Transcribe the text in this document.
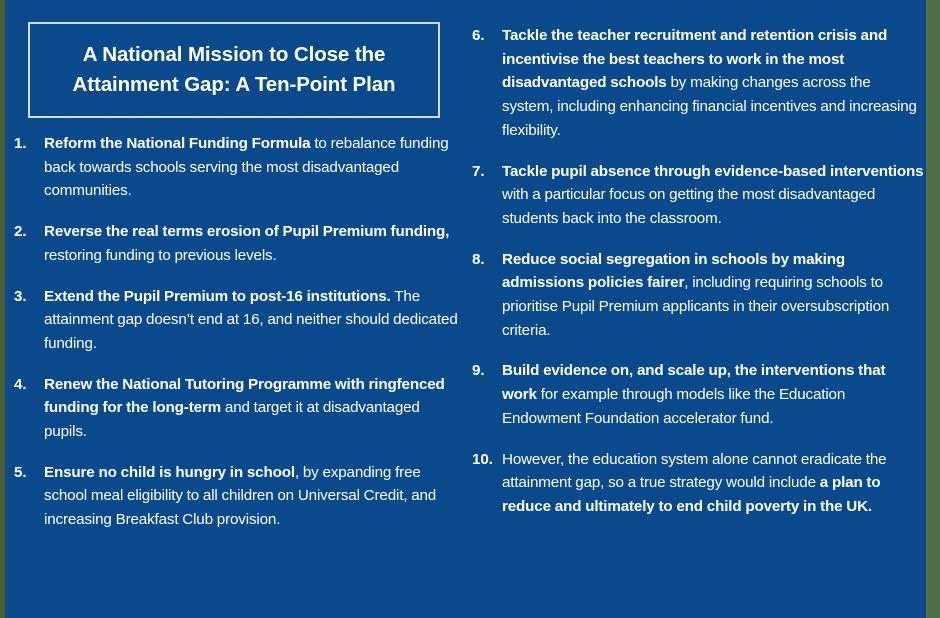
A National Mission to Close the
Attainment Gap: A Ten-Point Plan
1.	Reform the National Funding Formula to rebalance funding back towards schools serving the most disadvantaged communities.
2.	Reverse the real terms erosion of Pupil Premium funding, restoring funding to previous levels.
3.	Extend the Pupil Premium to post-16 institutions. The attainment gap doesn’t end at 16, and neither should dedicated funding.
4.	Renew the National Tutoring Programme with ringfenced funding for the long-term and target it at disadvantaged pupils.
5.	Ensure no child is hungry in school, by expanding free school meal eligibility to all children on Universal Credit, and increasing Breakfast Club provision.
6.	Tackle the teacher recruitment and retention crisis and incentivise the best teachers to work in the most disadvantaged schools by making changes across the system, including enhancing financial incentives and increasing flexibility.
7.	Tackle pupil absence through evidence-based interventions with a particular focus on getting the most disadvantaged students back into the classroom.
8.	Reduce social segregation in schools by making admissions policies fairer, including requiring schools to prioritise Pupil Premium applicants in their oversubscription criteria.
9.	Build evidence on, and scale up, the interventions that work for example through models like the Education Endowment Foundation accelerator fund.
10. However, the education system alone cannot eradicate the attainment gap, so a true strategy would include a plan to reduce and ultimately to end child poverty in the UK.
